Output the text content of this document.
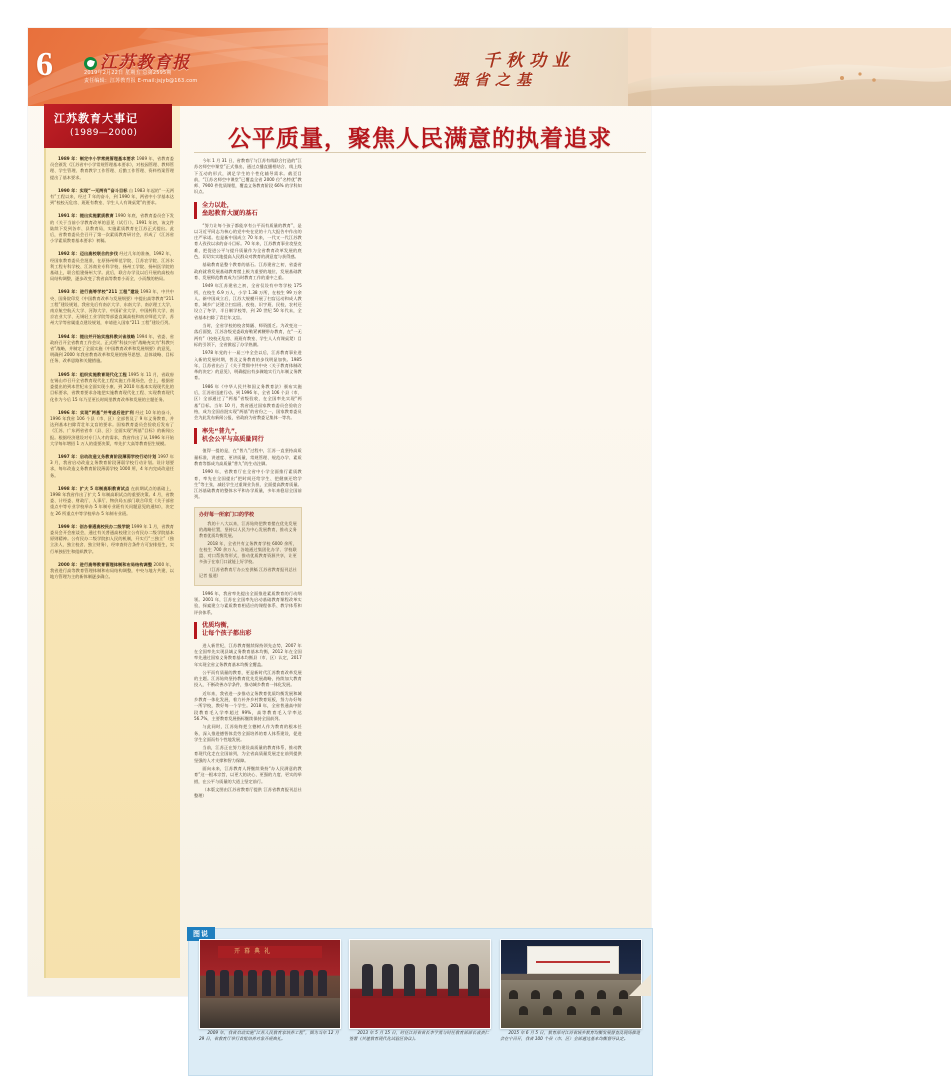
6	江苏教育报
2019年2月22日 星期五 总第2595期
责任编辑：江苏教育报 E-mail:jsjyb@163.com
千秋功业
强省之基
江苏教育大事记
(1989—2000)

1989 年：制定中小学常规管理基本要求 1989 年，省教育委员会颁发《江苏省中小学常规管理基本要求》，对校园管理、教师管理、学生管理、教育教学工作管理、后勤工作管理、资料档案管理提出了基本要求。

1990 年：实现“一无两有”奋斗目标 自 1983 年起的“一无两有”工程以来，经过 7 年的奋斗，到 1990 年，两省中小学基本达到“校校无危房、班班有教室、学生人人有课桌凳”的要求。

1991 年：提出实施素质教育 1990 年底，省教育委员会下发的《关于当前小学教育改革的意见（试行）》。1991 年初，该文件陆续下发到各市、县教育局，实施素质教育在江苏正式提出。此后，省教育委员会召开了第一次素质教育研讨会，形成了《江苏省小学素质教育基本要求》初稿。

1992 年：迈出高校联合的步伐 经过几年的准备，1992 年，经国家教育委员会批准，在原扬州师范学院、江苏农学院、江苏水利工程专科学校、江苏商业专科学校、扬州工学院、扬州医学院的基础上，联合组建扬州大学。此后，联合办学及以后开展的高校布局结构调整，逐步改变了我省高等教育小而全、小而散的格局。

1993 年：进行高等学校“211 工程”建设 1993 年，中共中央、国务院印发《中国教育改革与发展纲要》中提出高等教育“211 工程”建设规划，我省先后有南京大学、东南大学、南京理工大学、南京航空航天大学、河海大学、中国矿业大学、中国药科大学、南京农业大学、无锡轻工业学院等部委直属高校和南京师范大学、苏州大学等省属重点建设规划，申请进入国家“211 工程”建设行列。

1994 年：提出并开始实施科教兴省战略 1994 年，省委、省政府召开全省教育工作会议，正式将“科技兴省”战略充实为“科教兴省”战略，并制定了全面实施《中国教育改革和发展纲要》的意见，明确到 2000 年我省教育改革和发展的指导思想、总体战略、目标任务、改革思路和关键措施。

1995 年：组织实施教育现代化工程 1995 年 11 月，省政府在锡山市召开全省教育现代化工程实施工作现场会，会上，根据省委提出的到本世纪末全面实现小康、到 2010 年基本实现现代化的目标要求，省教育要求各地把实施教育现代化工程、实现教育现代化作为今后 15 年乃至更长时间里教育改革和发展的主题任务。

1996 年：实现“两基”并考虑后进扩利 经过 10 年的奋斗，1996 年我省 106 个县（市、区）全部普及了 9 年义务教育，并达到基本扫除青壮年文盲的要求。国家教育委员会验收后发布了《江苏、广东两省省市（县、区）全面实现“两基”目标》的新闻公报。根据经济建设对专门人才的需求，我省作出了从 1996 年开始大学每年增招 1 万人的重要决策，率先扩大高等教育招生规模。

1997 年：启动改造义务教育阶段薄弱学校行动计划 1997 年 3 月，我省启动改造义务教育阶段薄弱学校行动计划。设计划要求，每年改造义务教育阶段薄弱学校 1000 所，4 年内完成改造任务。

1998 年：扩大 5 年制高职教育试点 在前期试点的基础上，1998 年我省作出了扩大 5 年制高职试点的重要决策。4 月，省教委、计经委、财政厅、人事厅、物价局五部门联合印发《关于部省重点中等专业学校举办 5 年制专业班有关问题意见的通知》，决定在 26 所重点中等学校举办 5 年制专业班。

1999 年：创办普通高校民办二级学院 1999 年 1 月，省教育委员会开会座谈会，通过有关普通高校建立公有民办二级学院基本原则精神。公有民办二级学院扣入民的机制，开实行“三独立”（独立法人、独立校舍、独立财务），经审查符合条件方可安排招生，实行单独招生和组织教学。

2000 年：进行高等教育管理体制和布局结构调整 2000 年，我省进行高等教育管理体制和布局结构调整，中央与地方共建、以地方管理为主的新体制逐步确立。

公平质量，聚焦人民满意的执着追求

今年 1 月 31 日，省教育厅与江苏有线联合打造的“江苏名师空中课堂”正式推出，通过点播直播相结合、线上线下互动的形式，满足学生的个性化辅导需求。截至目前，“江苏名师空中课堂”已覆盖全省 2000 位“名特优”教师、7900 件优质课程，覆盖义务教育阶段 66% 的学科知识点。

全力以赴，
垒起教育大厦的基石

“努力让每个孩子都能享有公平而有质量的教育”，是以习近平同志为核心的党中央在党的十九大报告中作出的庄严承诺。也是新中国成立 70 年来，一代又一代江苏教育人孜孜以求的奋斗目标。70 年来，江苏教育事业攻坚克难，把促进公平与提升质量作为全省教育改革发展的底色，切切实实地提高人民群众对教育的满意度与获得感。

基础教育是整个教育的基石。江苏建省之初，省委省政府就将发展基础教育摆上极为重要的地位，发展基础教育、发展师范教育成为当时教育工作的重中之重。

1949 年江苏建省之初，全省仅设有中等学校 175 所，在校生 6.9 万人，小学 1.38 万所，在校生 99 万余人。新中国成立后，江苏大规模开展了扫盲运动和成人教育，城乡广泛建立扫盲班、夜校、识字班、民校，农村还设立了冬学、半日制学校等，到 20 世纪 50 年代末，全省基本扫除了青壮年文盲。

当时，全省学校的校舍简陋、师资匮乏。为改变这一落后面貌，江苏各级党委政府勒紧裤腰带办教育，在“一无两有”（校校无危房、班班有教室、学生人人有课桌凳）目标的引领下，全省掀起了办学热潮。

1978 年党的十一届三中全会以后，江苏教育事业进入新的发展时期，普及义务教育的步伐明显加快。1985 年，江苏省出台了《关于贯彻中共中央〈关于教育体制改革的决定〉的意见》，明确提出有步骤地实行九年制义务教育。

1986 年《中华人民共和国义务教育法》颁布实施后，江苏省迅速行动。到 1996 年，全省 106 个县（市、区）全部通过了“两基”省级验收，在全国率先实现“两基”目标。当年 10 月，我省通过国家教育委员会验收合格，成为全国首批实现“两基”的省份之一，国家教育委员会为此发布新闻公报，省政府为省教委记集体一等功。

率先“普九”，
机会公平与高质量同行

值得一提的是，在“普九”过程中，江苏一直坚持高质量标准，讲速度、更讲质量，常规管理、规范办学、素质教育等都成为高质量“普九”的生动注脚。

1990 年，省教育厅在全省中小学全面推行素质教育，率先在全国提出“把时间还给学生、把健康还给学生”等主张，减轻学生过重课业负担，全面提高教育质量。江苏基础教育的整体水平和办学质量，多年来稳居全国前列。

办好每一所家门口的学校

我的十八大以来，江苏始终把教育摆在优先发展的战略位置，坚持以人民为中心发展教育，推动义务教育优质均衡发展。

2018 年，全省共有义务教育学校 6000 余所，在校生 700 余万人。各地通过集团化办学、学校联盟、对口帮扶等形式，推动优质教育资源共享，让更多孩子在家门口就能上好学校。

（江苏省教育厅办公室供稿 江苏省教育报刊总社记者 报道）

1996 年，我省率先提出全面推进素质教育的行动纲领。2001 年，江苏在全国率先启动基础教育课程改革实验，探索建立与素质教育相适应的课程体系、教学体系和评价体系。

优质均衡，
让每个孩子都出彩

进入新世纪，江苏教育继续保持领先态势，2007 年在全国率先实现县域义务教育基本均衡，2012 年在全国率先通过国家义务教育基本均衡县（市、区）认定，2017 年实现全省义务教育基本均衡全覆盖。

公平而有质量的教育，更是新时代江苏教育改革发展的主题。江苏始终坚持教育优先发展战略，持续加大教育投入，不断改善办学条件，推动城乡教育一体化发展。

近年来，我省进一步推动义务教育优质均衡发展和城乡教育一体化发展，着力补齐乡村教育短板，努力办好每一所学校，教好每一个学生。2018 年，全省普通高中阶段教育毛入学率超过 99%，高等教育毛入学率达 56.7%，主要教育发展指标继续保持全国前列。

与此同时，江苏始终把立德树人作为教育的根本任务，深入推进德智体美劳全面培养的育人体系建设，促进学生全面而有个性地发展。

当前，江苏正在努力建设高质量的教育体系，推动教育现代化走在全国前列，为全省高质量发展走在前列提供坚强的人才支撑和智力保障。

面向未来，江苏教育人将继续秉持“办人民满意的教育”这一根本宗旨，以更大的决心、更强的力度、更实的举措，在公平与质量的大道上坚定前行。

（本版文图由江苏省教育厅提供 江苏省教育报刊总社 整理）

图说
开幕典礼
2009 年，我省启动实施“江苏人民教育家培养工程”，图为当年 12 月 29 日，省教育厅举行首批培养对象开班典礼。
2013 年 5 月 15 日，时任江苏省省长李学勇与时任教育部部长袁贵仁签署《共建教育现代化试验区协议》。
2015 年 6 月 5 日，教育部对江苏省城乡教育均衡发展督查及现场推进会在宁召开，我省 100 个县（市、区）全部通过基本均衡督导认定。
